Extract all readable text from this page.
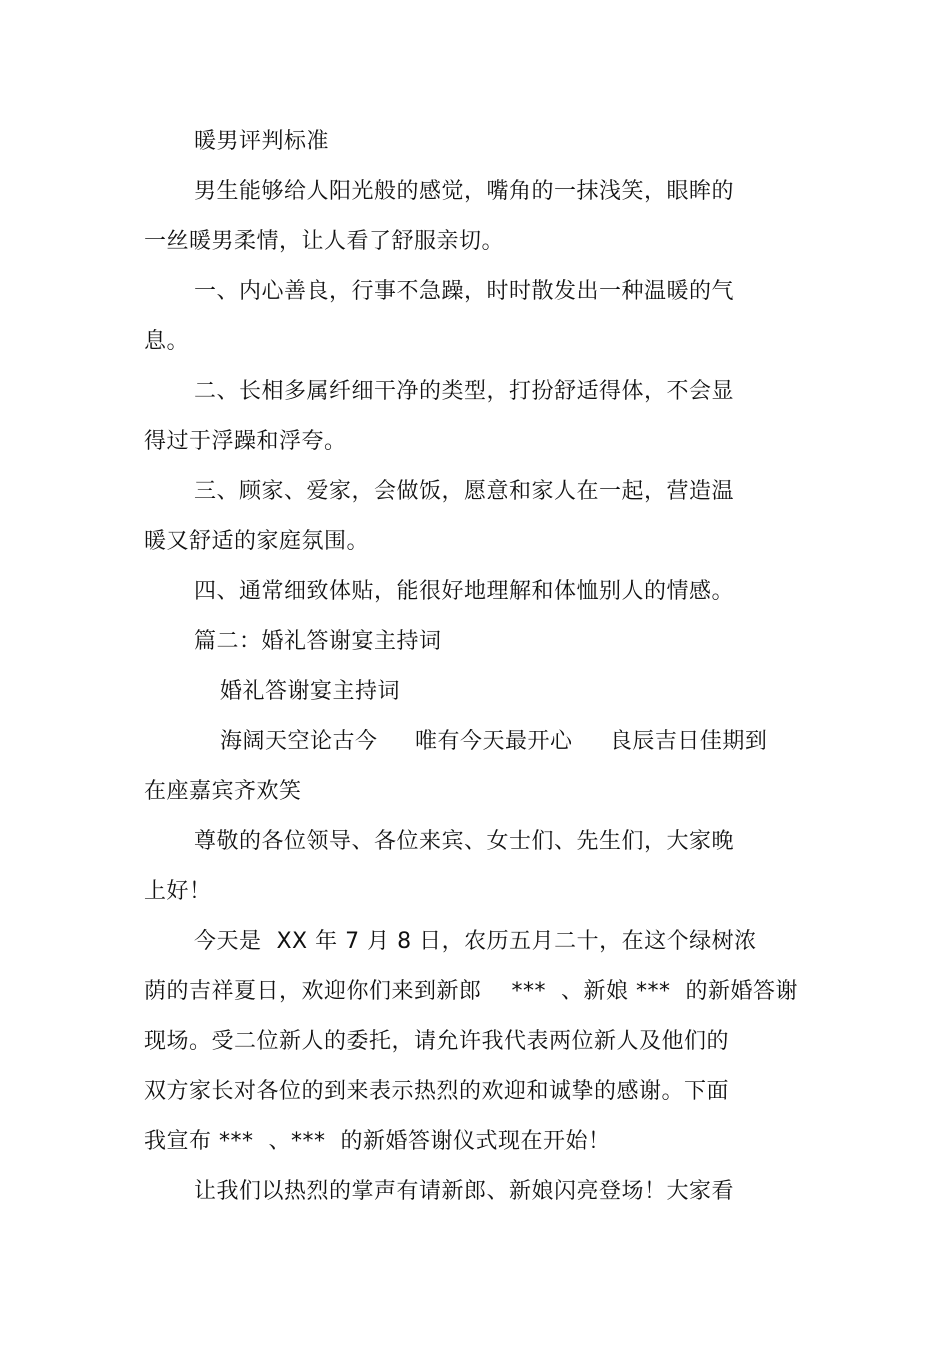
暖男评判标准
男生能够给人阳光般的感觉，嘴角的一抹浅笑，眼眸的
一丝暖男柔情，让人看了舒服亲切。
一、内心善良，行事不急躁，时时散发出一种温暖的气
息。
二、长相多属纤细干净的类型，打扮舒适得体，不会显
得过于浮躁和浮夸。
三、顾家、爱家，会做饭，愿意和家人在一起，营造温
暖又舒适的家庭氛围。
四、通常细致体贴，能很好地理解和体恤别人的情感。
篇二：婚礼答谢宴主持词
婚礼答谢宴主持词
海阔天空论古今     唯有今天最开心     良辰吉日佳期到
在座嘉宾齐欢笑
尊敬的各位领导、各位来宾、女士们、先生们，大家晚
上好！
今天是  XX 年 7 月 8 日，农历五月二十，在这个绿树浓
荫的吉祥夏日，欢迎你们来到新郎    ***  、新娘 ***  的新婚答谢
现场。受二位新人的委托，请允许我代表两位新人及他们的
双方家长对各位的到来表示热烈的欢迎和诚挚的感谢。下面
我宣布 ***  、***  的新婚答谢仪式现在开始！
让我们以热烈的掌声有请新郎、新娘闪亮登场！大家看
